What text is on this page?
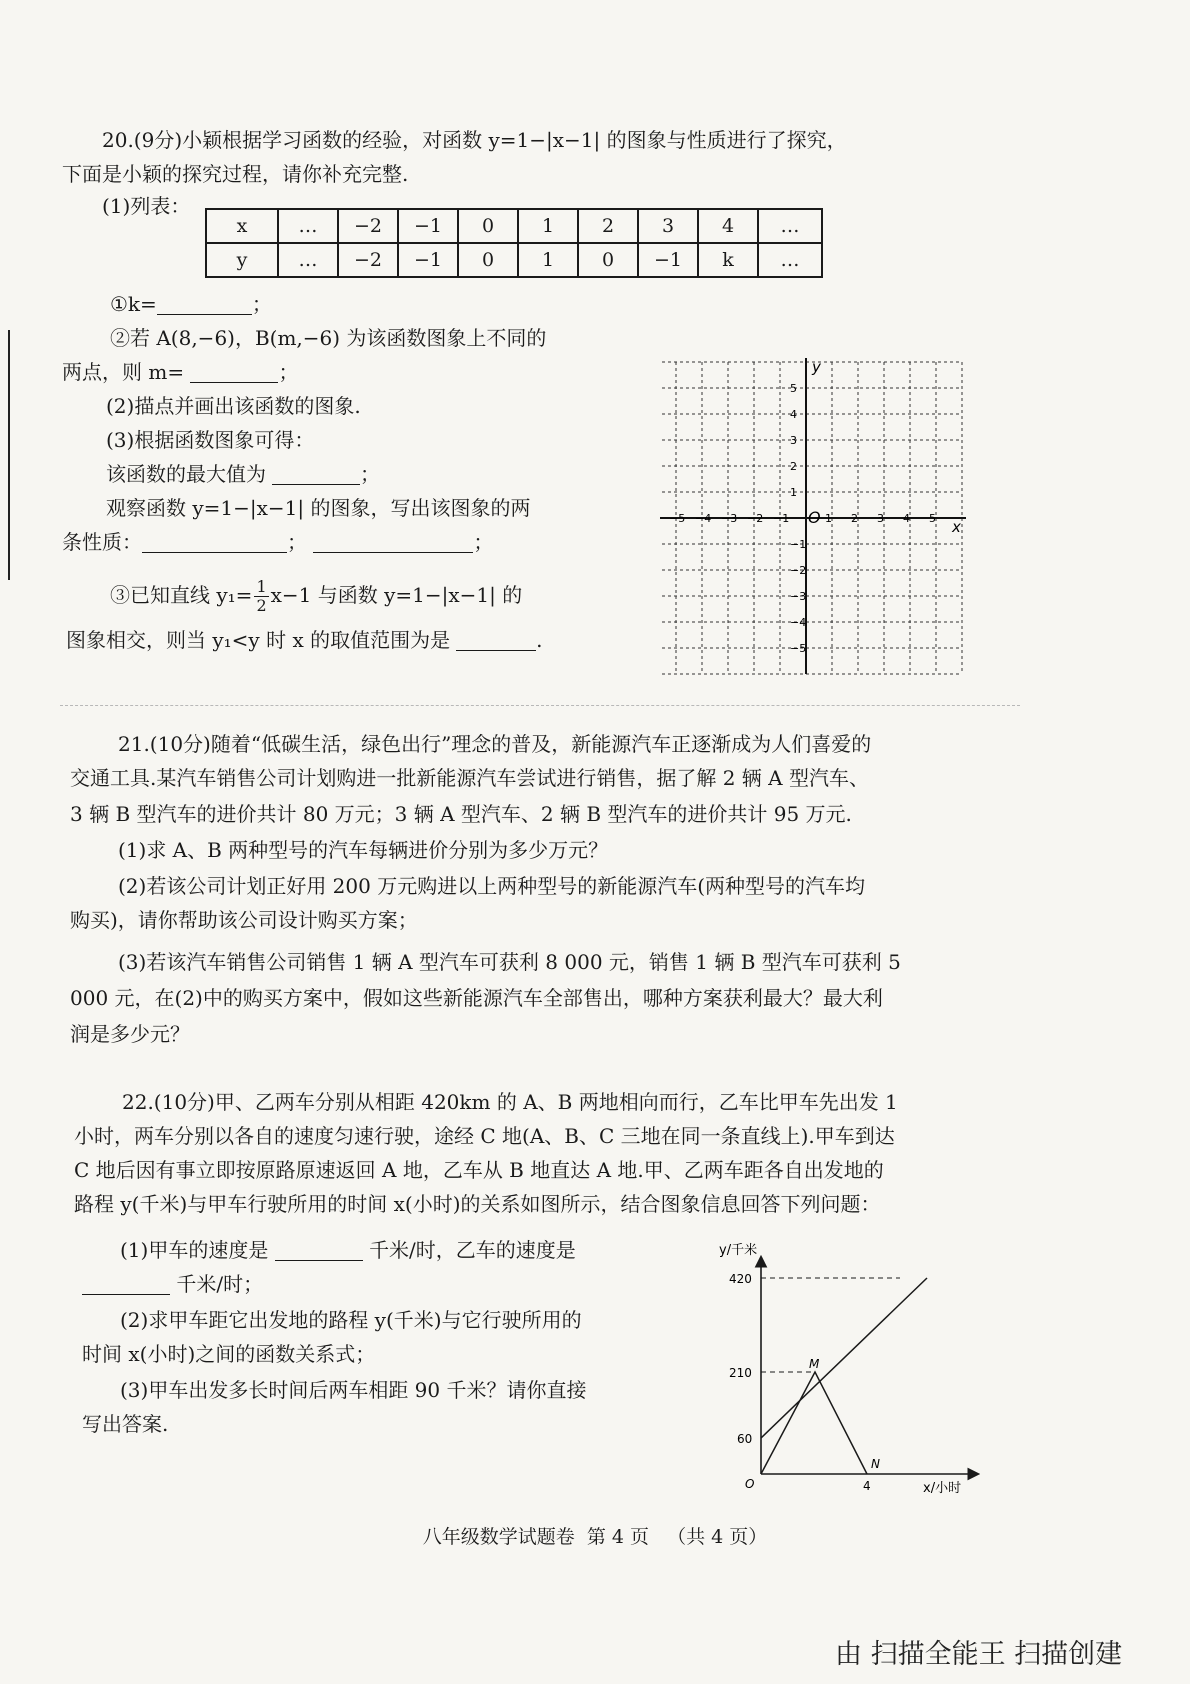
20.(9分)小颖根据学习函数的经验，对函数 y=1−|x−1| 的图象与性质进行了探究，
下面是小颖的探究过程，请你补充完整.
(1)列表：
x	…	−2	−1	0	1	2	3	4	…
y	…	−2	−1	0	1	0	−1	k	…
①k=	；
②若 A(8,−6)，B(m,−6) 为该函数图象上不同的
两点，则 m=	；
(2)描点并画出该函数的图象.
(3)根据函数图象可得：
该函数的最大值为	；
观察函数 y=1−|x−1| 的图象，写出该图象的两
条性质：	；	；
③已知直线 $y_1= \frac{1}{2} x-1$ 与函数 y=1−|x−1| 的
图象相交，则当 y₁<y 时 x 的取值范围为是	.
−5 −4 −3 −2 −1	1 2 3 4 5
5
4
3
2
1
−1
−2
−3
−4
−5
O	x
y
21.(10分)随着“低碳生活，绿色出行”理念的普及，新能源汽车正逐渐成为人们喜爱的
交通工具.某汽车销售公司计划购进一批新能源汽车尝试进行销售，据了解 2 辆 A 型汽车、
3 辆 B 型汽车的进价共计 80 万元；3 辆 A 型汽车、2 辆 B 型汽车的进价共计 95 万元.
(1)求 A、B 两种型号的汽车每辆进价分别为多少万元？
(2)若该公司计划正好用 200 万元购进以上两种型号的新能源汽车(两种型号的汽车均
购买)，请你帮助该公司设计购买方案；
(3)若该汽车销售公司销售 1 辆 A 型汽车可获利 8 000 元，销售 1 辆 B 型汽车可获利 5
000 元，在(2)中的购买方案中，假如这些新能源汽车全部售出，哪种方案获利最大？最大利
润是多少元？
22.(10分)甲、乙两车分别从相距 420km 的 A、B 两地相向而行，乙车比甲车先出发 1
小时，两车分别以各自的速度匀速行驶，途经 C 地(A、B、C 三地在同一条直线上).甲车到达
C 地后因有事立即按原路原速返回 A 地，乙车从 B 地直达 A 地.甲、乙两车距各自出发地的
路程 y(千米)与甲车行驶所用的时间 x(小时)的关系如图所示，结合图象信息回答下列问题：
(1)甲车的速度是	千米/时，乙车的速度是
千米/时；
(2)求甲车距它出发地的路程 y(千米)与它行驶所用的
时间 x(小时)之间的函数关系式；
(3)甲车出发多长时间后两车相距 90 千米？请你直接
写出答案.
y/千米
x/小时
420
210
60
O	4
M
N
八年级数学试题卷 第 4 页 （共 4 页）
由 扫描全能王 扫描创建
